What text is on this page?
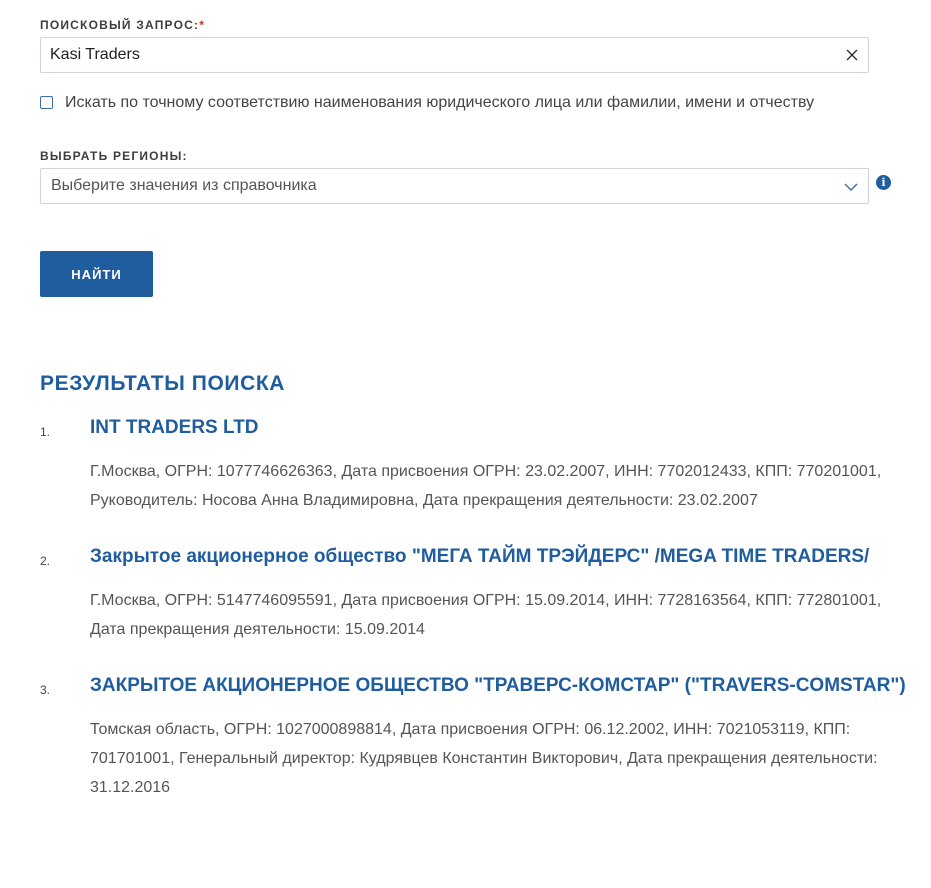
ПОИСКОВЫЙ ЗАПРОС:*
Kasi Traders
Искать по точному соответствию наименования юридического лица или фамилии, имени и отчеству
ВЫБРАТЬ РЕГИОНЫ:
Выберите значения из справочника	i
НАЙТИ
РЕЗУЛЬТАТЫ ПОИСКА
1. INT TRADERS LTD
Г.Москва, ОГРН: 1077746626363, Дата присвоения ОГРН: 23.02.2007, ИНН: 7702012433, КПП: 770201001, Руководитель: Носова Анна Владимировна, Дата прекращения деятельности: 23.02.2007
2. Закрытое акционерное общество "МЕГА ТАЙМ ТРЭЙДЕРС" /MEGA TIME TRADERS/
Г.Москва, ОГРН: 5147746095591, Дата присвоения ОГРН: 15.09.2014, ИНН: 7728163564, КПП: 772801001, Дата прекращения деятельности: 15.09.2014
3. ЗАКРЫТОЕ АКЦИОНЕРНОЕ ОБЩЕСТВО "ТРАВЕРС-КОМСТАР" ("TRAVERS-COMSTAR")
Томская область, ОГРН: 1027000898814, Дата присвоения ОГРН: 06.12.2002, ИНН: 7021053119, КПП: 701701001, Генеральный директор: Кудрявцев Константин Викторович, Дата прекращения деятельности: 31.12.2016
